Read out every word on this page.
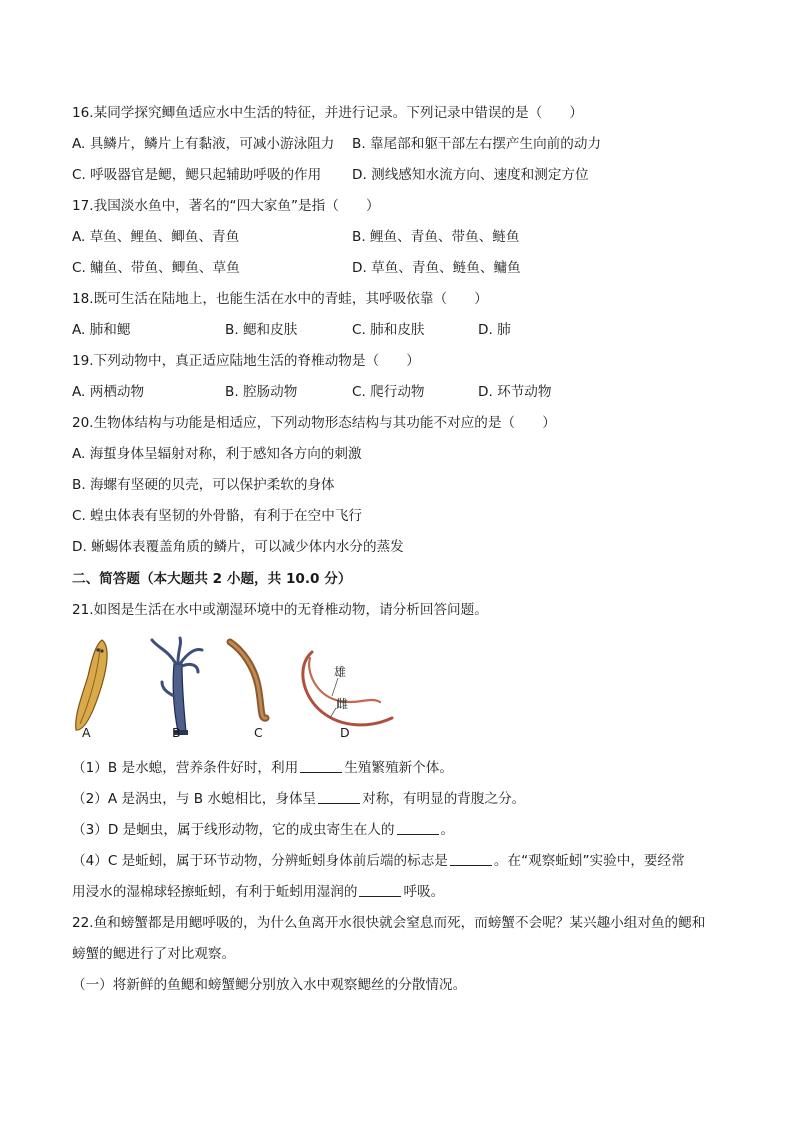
16.某同学探究鲫鱼适应水中生活的特征，并进行记录。下列记录中错误的是（　　）
A. 具鳞片，鳞片上有黏液，可减小游泳阻力 B. 靠尾部和躯干部左右摆产生向前的动力
C. 呼吸器官是鳃，鳃只起辅助呼吸的作用 D. 测线感知水流方向、速度和测定方位
17.我国淡水鱼中，著名的“四大家鱼”是指（　　）
A. 草鱼、鲤鱼、鲫鱼、青鱼	B. 鲤鱼、青鱼、带鱼、鲢鱼
C. 鳙鱼、带鱼、鲫鱼、草鱼	D. 草鱼、青鱼、鲢鱼、鳙鱼
18.既可生活在陆地上，也能生活在水中的青蛙，其呼吸依靠（　　）
A. 肺和鳃	B. 鳃和皮肤	C. 肺和皮肤	D. 肺
19.下列动物中，真正适应陆地生活的脊椎动物是（　　）
A. 两栖动物	B. 腔肠动物	C. 爬行动物	D. 环节动物
20.生物体结构与功能是相适应，下列动物形态结构与其功能不对应的是（　　）
A. 海蜇身体呈辐射对称，利于感知各方向的刺激
B. 海螺有坚硬的贝壳，可以保护柔软的身体
C. 蝗虫体表有坚韧的外骨骼，有利于在空中飞行
D. 蜥蜴体表覆盖角质的鳞片，可以减少体内水分的蒸发
二、简答题（本大题共 2 小题，共 10.0 分）
21.如图是生活在水中或潮湿环境中的无脊椎动物，请分析回答问题。
雄
雌
A	B	C	D
（1）B 是水螅，营养条件好时，利用	生殖繁殖新个体。
（2）A 是涡虫，与 B 水螅相比，身体呈	对称，有明显的背腹之分。
（3）D 是蛔虫，属于线形动物，它的成虫寄生在人的	。
（4）C 是蚯蚓，属于环节动物，分辨蚯蚓身体前后端的标志是	。在“观察蚯蚓”实验中，要经常
用浸水的湿棉球轻擦蚯蚓，有利于蚯蚓用湿润的	呼吸。
22.鱼和螃蟹都是用鳃呼吸的，为什么鱼离开水很快就会窒息而死，而螃蟹不会呢？某兴趣小组对鱼的鳃和
螃蟹的鳃进行了对比观察。
（一）将新鲜的鱼鳃和螃蟹鳃分别放入水中观察鳃丝的分散情况。
